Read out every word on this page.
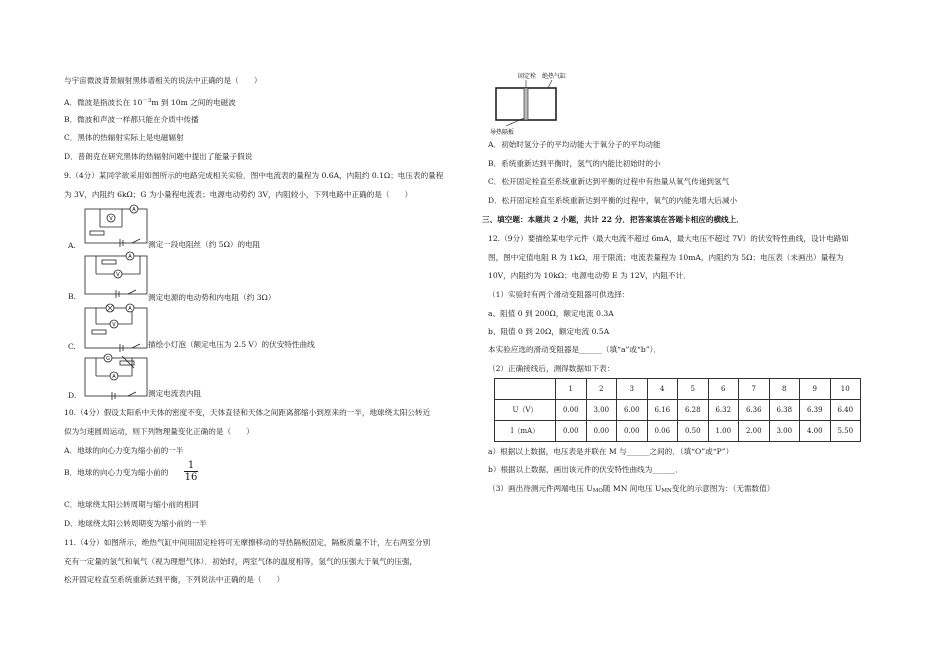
与宇宙微波背景辐射黑体谱相关的说法中正确的是（　　）
A．微波是指波长在 $10^{-3}m$ 到 10m 之间的电磁波
B．微波和声波一样都只能在介质中传播
C．黑体的热辐射实际上是电磁辐射
D．普朗克在研究黑体的热辐射问题中提出了能量子假说
9.（4分）某同学欲采用如图所示的电路完成相关实验．图中电流表的量程为 0.6A，内阻约 0.1Ω；电压表的量程
为 3V，内阻约 6kΩ；G 为小量程电流表；电源电动势约 3V，内阻较小，下列电路中正确的是（　　）
A.
A
V
测定一段电阻丝（约 5Ω）的电阻
B.
A
V
测定电源的电动势和内电阻（约 3Ω）
C.
A
V
描绘小灯泡（额定电压为 2.5 V）的伏安特性曲线
D.
G
A
测定电流表内阻
10.（4分）假设太阳系中天体的密度不变，天体直径和天体之间距离都缩小到原来的一半，地球绕太阳公转近
似为匀速圆周运动，则下列物理量变化正确的是（　　）
A．地球的向心力变为缩小前的一半
B．地球的向心力变为缩小前的 $\frac{1}{16}$
C．地球绕太阳公转周期与缩小前的相同
D．地球绕太阳公转周期变为缩小前的一半
11.（4分）如图所示，绝热气缸中间用固定栓将可无摩擦移动的导热隔板固定，隔板质量不计，左右两室分别
充有一定量的氢气和氧气（视为理想气体）．初始时，两室气体的温度相等，氢气的压强大于氧气的压强，
松开固定栓直至系统重新达到平衡，下列说法中正确的是（　　）
固定栓 绝热气缸
导热隔板
A．初始时氢分子的平均动能大于氧分子的平均动能
B．系统重新达到平衡时，氢气的内能比初始时的小
C．松开固定栓直至系统重新达到平衡的过程中有热量从氧气传递到氢气
D．松开固定栓直至系统重新达到平衡的过程中，氧气的内能先增大后减小
三、填空题：本题共 2 小题，共计 22 分．把答案填在答题卡相应的横线上．
12.（9分）要描绘某电学元件（最大电流不超过 6mA，最大电压不超过 7V）的伏安特性曲线，设计电路如
图，图中定值电阻 R 为 1kΩ，用于限流；电流表量程为 10mA，内阻约为 5Ω；电压表（未画出）量程为
10V，内阻约为 10kΩ；电源电动势 E 为 12V，内阻不计．
（1）实验时有两个滑动变阻器可供选择：
a、阻值 0 到 200Ω，额定电流 0.3A
b、阻值 0 到 20Ω，额定电流 0.5A
本实验应选的滑动变阻器是______（填“a”或“b”）．
（2）正确接线后，测得数据如下表：
	1	2	3	4	5	6	7	8	9	10
U（V）	0.00	3.00	6.00	6.16	6.28	6.32	6.36	6.38	6.39	6.40
I（mA）	0.00	0.00	0.00	0.06	0.50	1.00	2.00	3.00	4.00	5.50
a）根据以上数据，电压表是并联在 M 与______之间的．（填“O”或“P”）
b）根据以上数据，画出该元件的伏安特性曲线为______．
（3）画出待测元件两端电压 UMO随 MN 间电压 UMN变化的示意图为：（无需数值）
